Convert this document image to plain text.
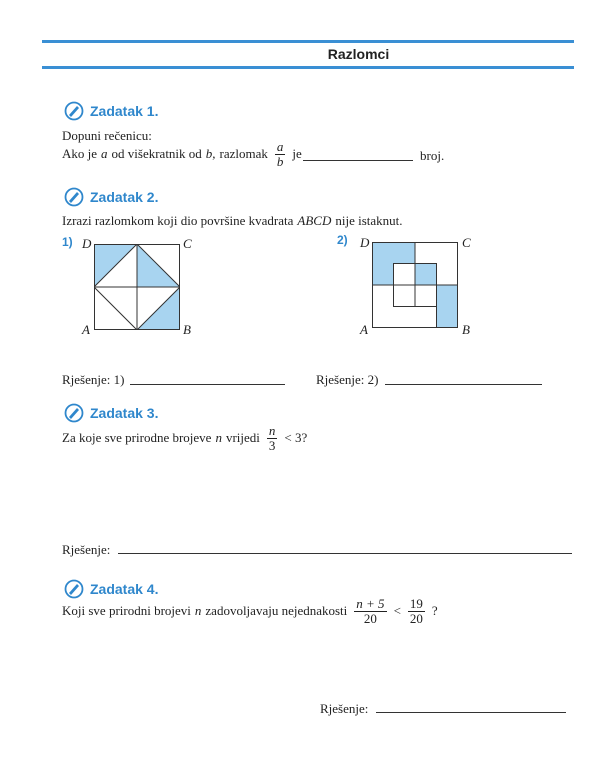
Razlomci
Zadatak 1.
Dopuni rečenicu:
Ako je a od višekratnik od b, razlomak $\frac{a}{b}$ je	broj.
Zadatak 2.
Izrazi razlomkom koji dio površine kvadrata ABCD nije istaknut.
1) D	C
A	B
2) D	C
A	B
Rješenje: 1)	Rješenje: 2)
Zadatak 3.
Za koje sve prirodne brojeve n vrijedi $\frac{n}{3} < 3$?
Rješenje:
Zadatak 4.
Koji sve prirodni brojevi n zadovoljavaju nejednakosti $\frac{n + 5}{20} < \frac{19}{20}$ ?
Rješenje:
